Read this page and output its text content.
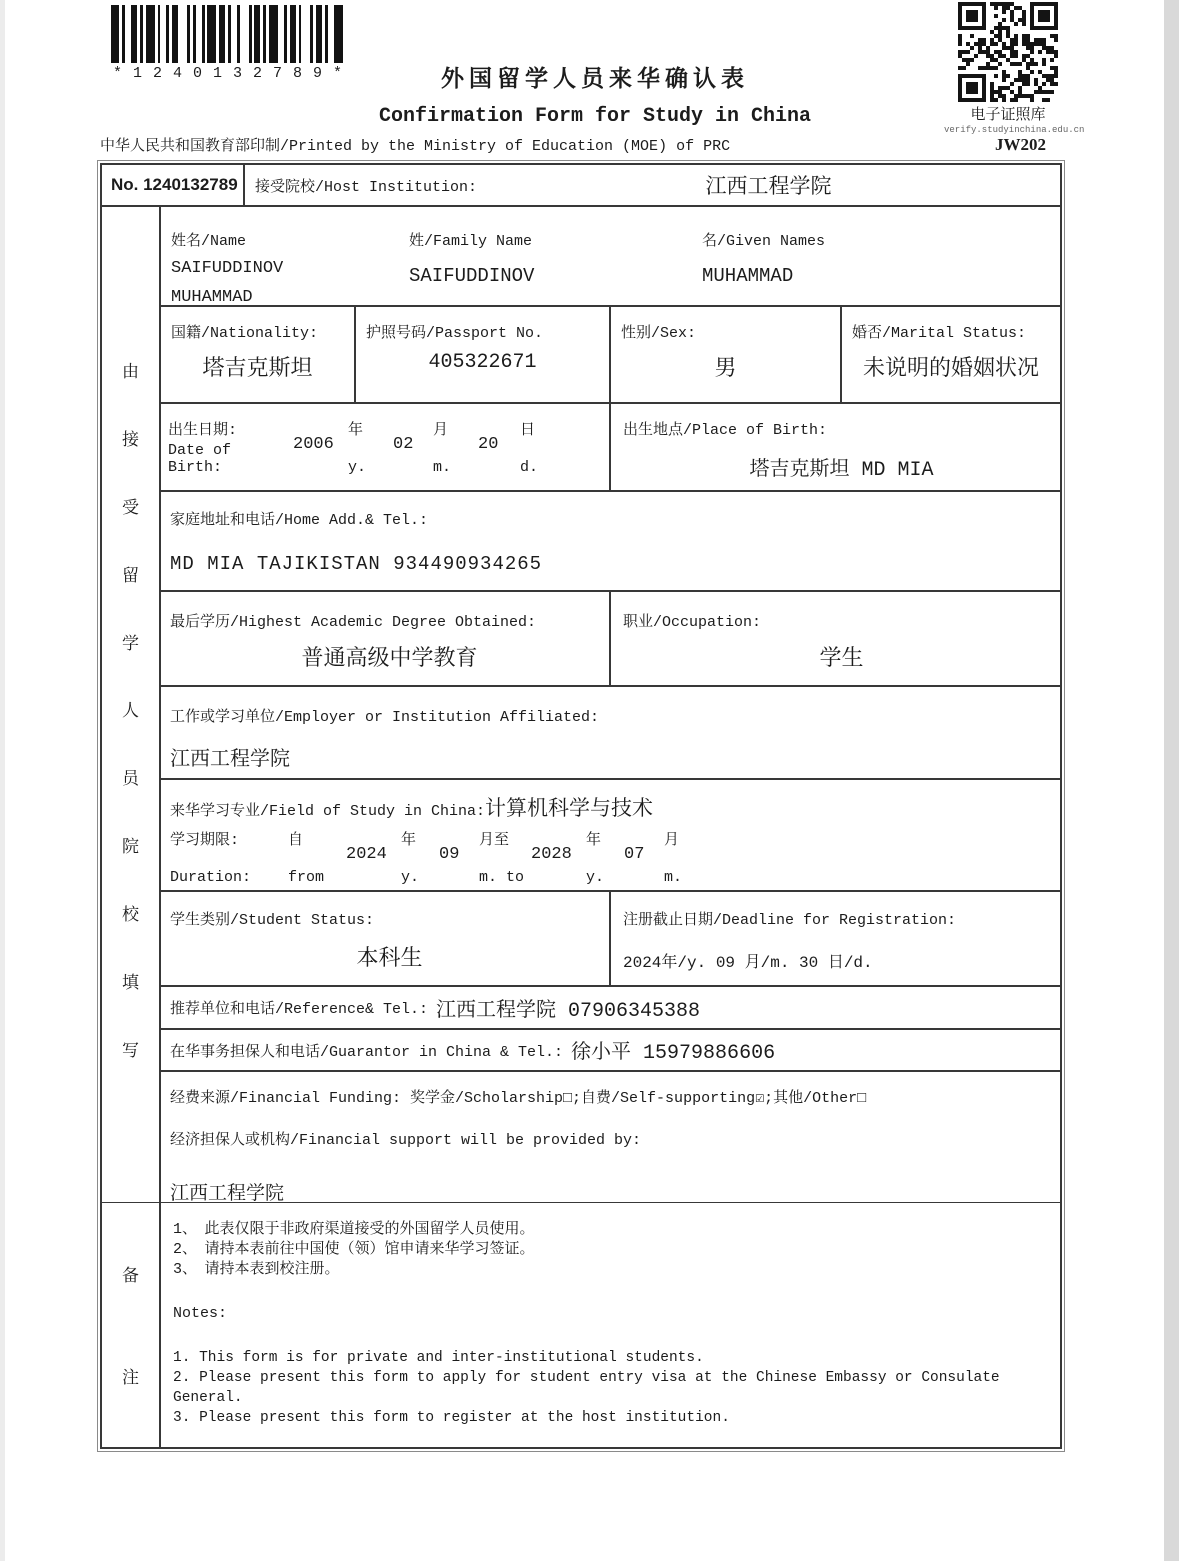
* 1 2 4 0 1 3 2 7 8 9 *	外国留学人员来华确认表
Confirmation Form for Study in China	电子证照库
verify.studyinchina.edu.cn
中华人民共和国教育部印制/Printed by the Ministry of Education (MOE) of PRC	JW202
No. 1240132789	接受院校/Host Institution:	江西工程学院
由
接
受
留
学
人
员
院
校
填
写
姓名/Name
SAIFUDDINOV MUHAMMAD
姓/Family Name
SAIFUDDINOV
名/Given Names
MUHAMMAD
国籍/Nationality:
塔吉克斯坦
护照号码/Passport No.
405322671
性别/Sex:
男
婚否/Marital Status:
未说明的婚姻状况
出生日期:	年	月	日
2006	02	20
Date of Birth:	y.	m.	d.
出生地点/Place of Birth:
塔吉克斯坦 MD MIA
家庭地址和电话/Home Add.& Tel.:
MD MIA TAJIKISTAN 934490934265
最后学历/Highest Academic Degree Obtained:
普通高级中学教育
职业/Occupation:
学生
工作或学习单位/Employer or Institution Affiliated:
江西工程学院
来华学习专业/Field of Study in China: 计算机科学与技术
学习期限:	自	年	月至	年	月
2024	09	2028	07
Duration:	from	y.	m. to	y.	m.
学生类别/Student Status:
本科生
注册截止日期/Deadline for Registration:
2024年/y. 09 月/m. 30 日/d.
推荐单位和电话/Reference& Tel.: 江西工程学院 07906345388
在华事务担保人和电话/Guarantor in China & Tel.: 徐小平 15979886606
经费来源/Financial Funding: 奖学金/Scholarship□;自费/Self-supporting☑;其他/Other□
经济担保人或机构/Financial support will be provided by:
江西工程学院
备
注
1、　此表仅限于非政府渠道接受的外国留学人员使用。
2、　请持本表前往中国使（领）馆申请来华学习签证。
3、　请持本表到校注册。
Notes:
1. This form is for private and inter-institutional students.
2. Please present this form to apply for student entry visa at the Chinese Embassy or Consulate General.
3. Please present this form to register at the host institution.
